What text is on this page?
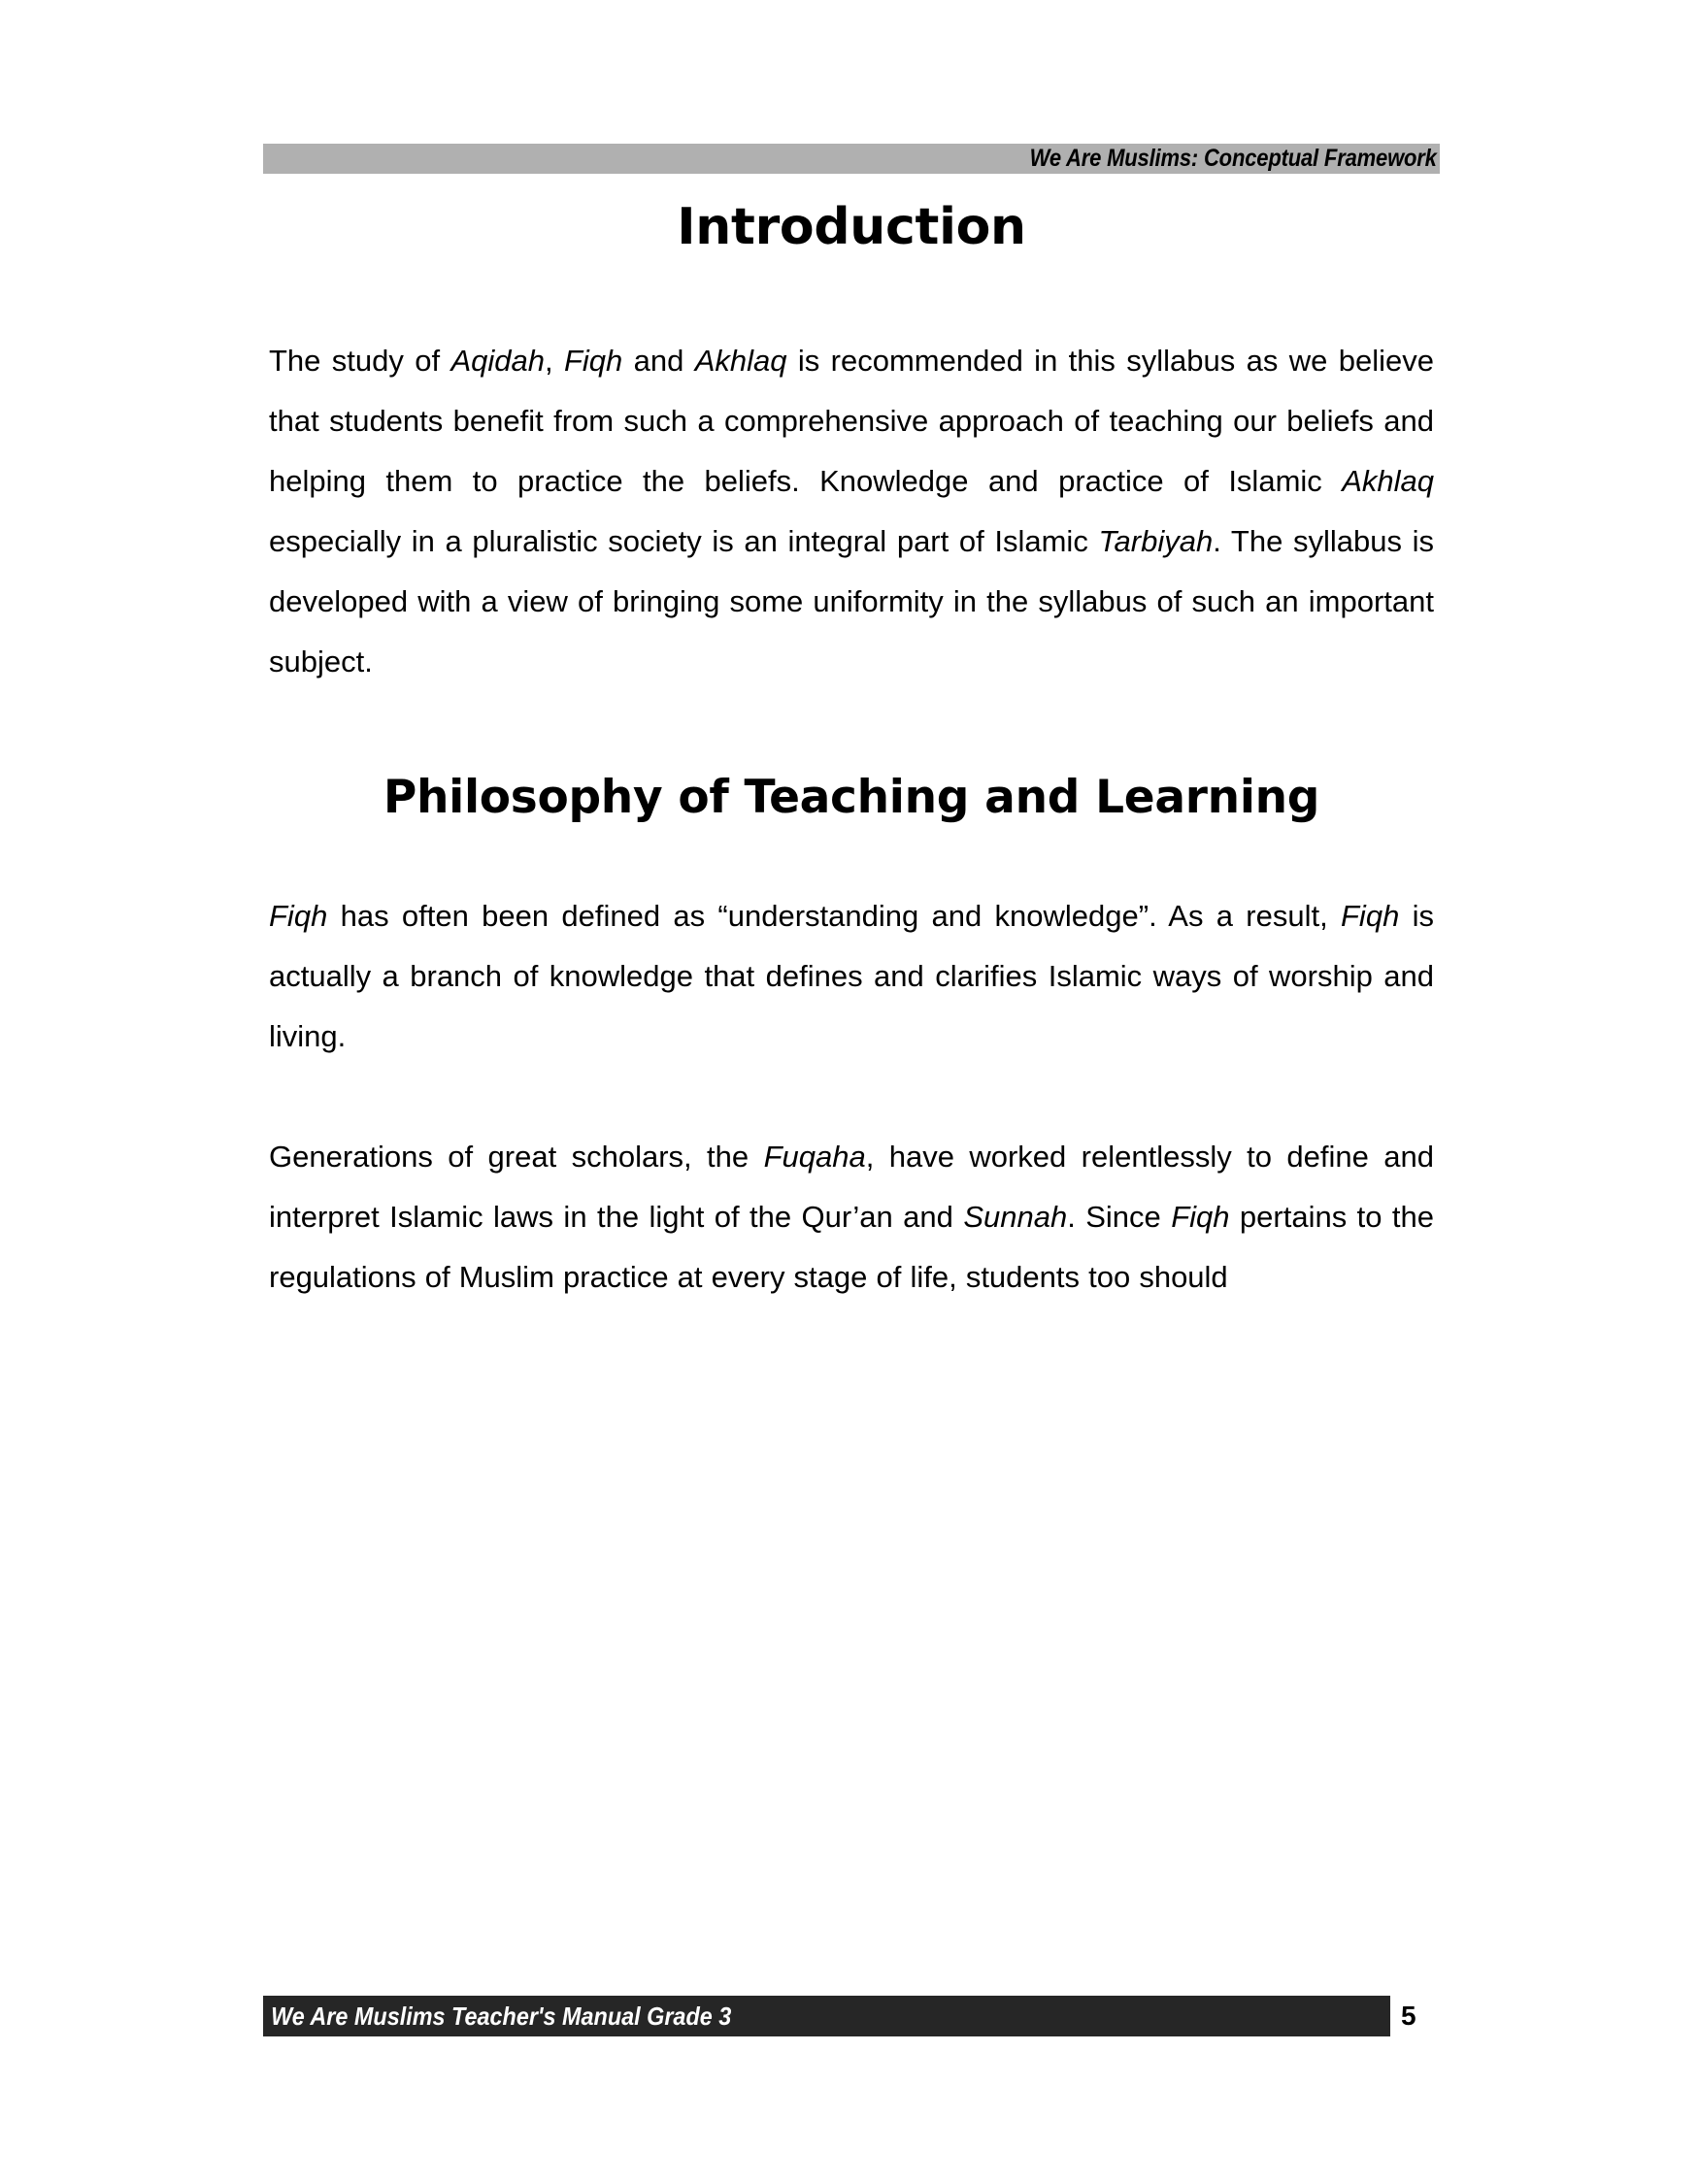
We Are Muslims: Conceptual Framework
Introduction

The study of Aqidah, Fiqh and Akhlaq is recommended in this syllabus as we believe that students benefit from such a comprehensive approach of teaching our beliefs and helping them to practice the beliefs. Knowledge and practice of Islamic Akhlaq especially in a pluralistic society is an integral part of Islamic Tarbiyah. The syllabus is developed with a view of bringing some uniformity in the syllabus of such an important subject.

Philosophy of Teaching and Learning

Fiqh has often been defined as “understanding and knowledge”. As a result, Fiqh is actually a branch of knowledge that defines and clarifies Islamic ways of worship and living.

Generations of great scholars, the Fuqaha, have worked relentlessly to define and interpret Islamic laws in the light of the Qur’an and Sunnah. Since Fiqh pertains to the regulations of Muslim practice at every stage of life, students too should

We Are Muslims Teacher's Manual Grade 3	5
